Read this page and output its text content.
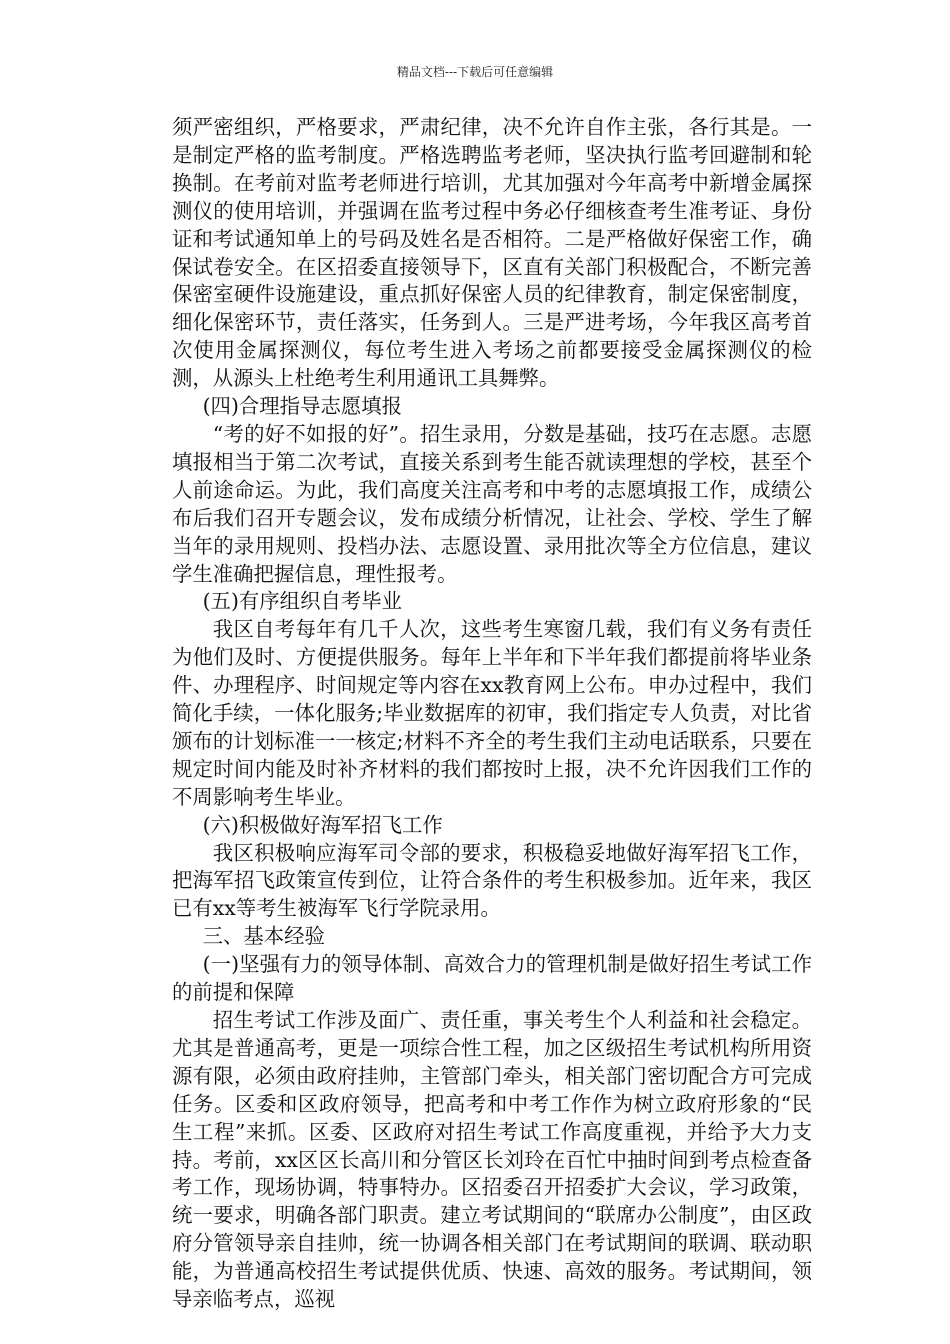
精品文档---下载后可任意编辑

须严密组织，严格要求，严肃纪律，决不允许自作主张，各行其是。一是制定严格的监考制度。严格选聘监考老师，坚决执行监考回避制和轮换制。在考前对监考老师进行培训，尤其加强对今年高考中新增金属探测仪的使用培训，并强调在监考过程中务必仔细核查考生准考证、身份证和考试通知单上的号码及姓名是否相符。二是严格做好保密工作，确保试卷安全。在区招委直接领导下，区直有关部门积极配合，不断完善保密室硬件设施建设，重点抓好保密人员的纪律教育，制定保密制度，细化保密环节，责任落实，任务到人。三是严进考场，今年我区高考首次使用金属探测仪，每位考生进入考场之前都要接受金属探测仪的检测，从源头上杜绝考生利用通讯工具舞弊。

(四)合理指导志愿填报

“考的好不如报的好”。招生录用，分数是基础，技巧在志愿。志愿填报相当于第二次考试，直接关系到考生能否就读理想的学校，甚至个人前途命运。为此，我们高度关注高考和中考的志愿填报工作，成绩公布后我们召开专题会议，发布成绩分析情况，让社会、学校、学生了解当年的录用规则、投档办法、志愿设置、录用批次等全方位信息，建议学生准确把握信息，理性报考。

(五)有序组织自考毕业

我区自考每年有几千人次，这些考生寒窗几载，我们有义务有责任为他们及时、方便提供服务。每年上半年和下半年我们都提前将毕业条件、办理程序、时间规定等内容在xx教育网上公布。申办过程中，我们简化手续，一体化服务;毕业数据库的初审，我们指定专人负责，对比省颁布的计划标准一一核定;材料不齐全的考生我们主动电话联系，只要在规定时间内能及时补齐材料的我们都按时上报，决不允许因我们工作的不周影响考生毕业。

(六)积极做好海军招飞工作

我区积极响应海军司令部的要求，积极稳妥地做好海军招飞工作，把海军招飞政策宣传到位，让符合条件的考生积极参加。近年来，我区已有xx等考生被海军飞行学院录用。

三、基本经验

(一)坚强有力的领导体制、高效合力的管理机制是做好招生考试工作的前提和保障

招生考试工作涉及面广、责任重，事关考生个人利益和社会稳定。尤其是普通高考，更是一项综合性工程，加之区级招生考试机构所用资源有限，必须由政府挂帅，主管部门牵头，相关部门密切配合方可完成任务。区委和区政府领导，把高考和中考工作作为树立政府形象的“民生工程”来抓。区委、区政府对招生考试工作高度重视，并给予大力支持。考前，xx区区长高川和分管区长刘玲在百忙中抽时间到考点检查备考工作，现场协调，特事特办。区招委召开招委扩大会议，学习政策，统一要求，明确各部门职责。建立考试期间的“联席办公制度”，由区政府分管领导亲自挂帅，统一协调各相关部门在考试期间的联调、联动职能，为普通高校招生考试提供优质、快速、高效的服务。考试期间，领导亲临考点，巡视
